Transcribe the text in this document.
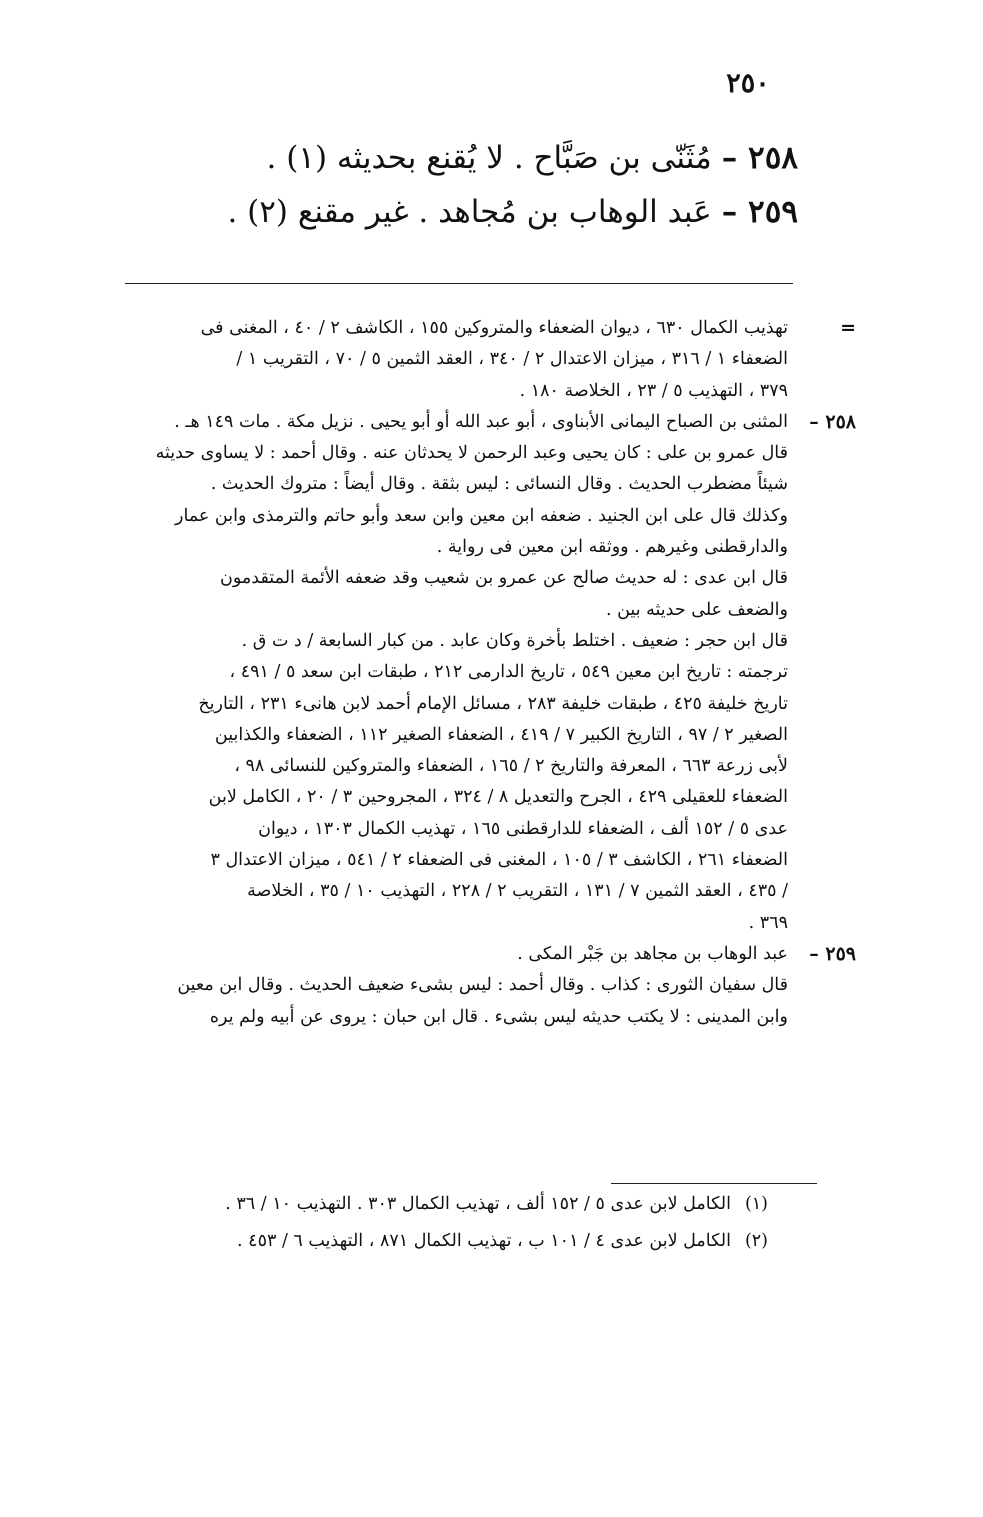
٢٥٠
٢٥٨ –مُثَنّى بن صَبَّاح . لا يُقنع بحديثه (١) .
٢٥٩ –عَبد الوهاب بن مُجاهد . غير مقنع (٢) .
=
تهذيب الكمال ٦٣٠ ، ديوان الضعفاء والمتروكين ١٥٥ ، الكاشف ٢ / ٤٠ ، المغنى فى
الضعفاء ١ / ٣١٦ ، ميزان الاعتدال ٢ / ٣٤٠ ، العقد الثمين ٥ / ٧٠ ، التقريب ١ /
٣٧٩ ، التهذيب ٥ / ٢٣ ، الخلاصة ١٨٠ .
٢٥٨ –
المثنى بن الصباح اليمانى الأبناوى ، أبو عبد الله أو أبو يحيى . نزيل مكة . مات ١٤٩ هـ .
قال عمرو بن على : كان يحيى وعبد الرحمن لا يحدثان عنه . وقال أحمد : لا يساوى حديثه
شيئاً مضطرب الحديث . وقال النسائى : ليس بثقة . وقال أيضاً : متروك الحديث .
وكذلك قال على ابن الجنيد . ضعفه ابن معين وابن سعد وأبو حاتم والترمذى وابن عمار
والدارقطنى وغيرهم . ووثقه ابن معين فى رواية .
قال ابن عدى : له حديث صالح عن عمرو بن شعيب وقد ضعفه الأئمة المتقدمون
والضعف على حديثه بين .
قال ابن حجر : ضعيف . اختلط بأخرة وكان عابد . من كبار السابعة / د ت ق .
ترجمته : تاريخ ابن معين ٥٤٩ ، تاريخ الدارمى ٢١٢ ، طبقات ابن سعد ٥ / ٤٩١ ،
تاريخ خليفة ٤٢٥ ، طبقات خليفة ٢٨٣ ، مسائل الإمام أحمد لابن هانىء ٢٣١ ، التاريخ
الصغير ٢ / ٩٧ ، التاريخ الكبير ٧ / ٤١٩ ، الضعفاء الصغير ١١٢ ، الضعفاء والكذابين
لأبى زرعة ٦٦٣ ، المعرفة والتاريخ ٢ / ١٦٥ ، الضعفاء والمتروكين للنسائى ٩٨ ،
الضعفاء للعقيلى ٤٢٩ ، الجرح والتعديل ٨ / ٣٢٤ ، المجروحين ٣ / ٢٠ ، الكامل لابن
عدى ٥ / ١٥٢ ألف ، الضعفاء للدارقطنى ١٦٥ ، تهذيب الكمال ١٣٠٣ ، ديوان
الضعفاء ٢٦١ ، الكاشف ٣ / ١٠٥ ، المغنى فى الضعفاء ٢ / ٥٤١ ، ميزان الاعتدال ٣
/ ٤٣٥ ، العقد الثمين ٧ / ١٣١ ، التقريب ٢ / ٢٢٨ ، التهذيب ١٠ / ٣٥ ، الخلاصة
٣٦٩ .
٢٥٩ –
عبد الوهاب بن مجاهد بن جَبْر المكى .
قال سفيان الثورى : كذاب . وقال أحمد : ليس بشىء ضعيف الحديث . وقال ابن معين
وابن المدينى : لا يكتب حديثه ليس بشىء . قال ابن حبان : يروى عن أبيه ولم يره
(١)الكامل لابن عدى ٥ / ١٥٢ ألف ، تهذيب الكمال ٣٠٣ . التهذيب ١٠ / ٣٦ .
(٢)الكامل لابن عدى ٤ / ١٠١ ب ، تهذيب الكمال ٨٧١ ، التهذيب ٦ / ٤٥٣ .
